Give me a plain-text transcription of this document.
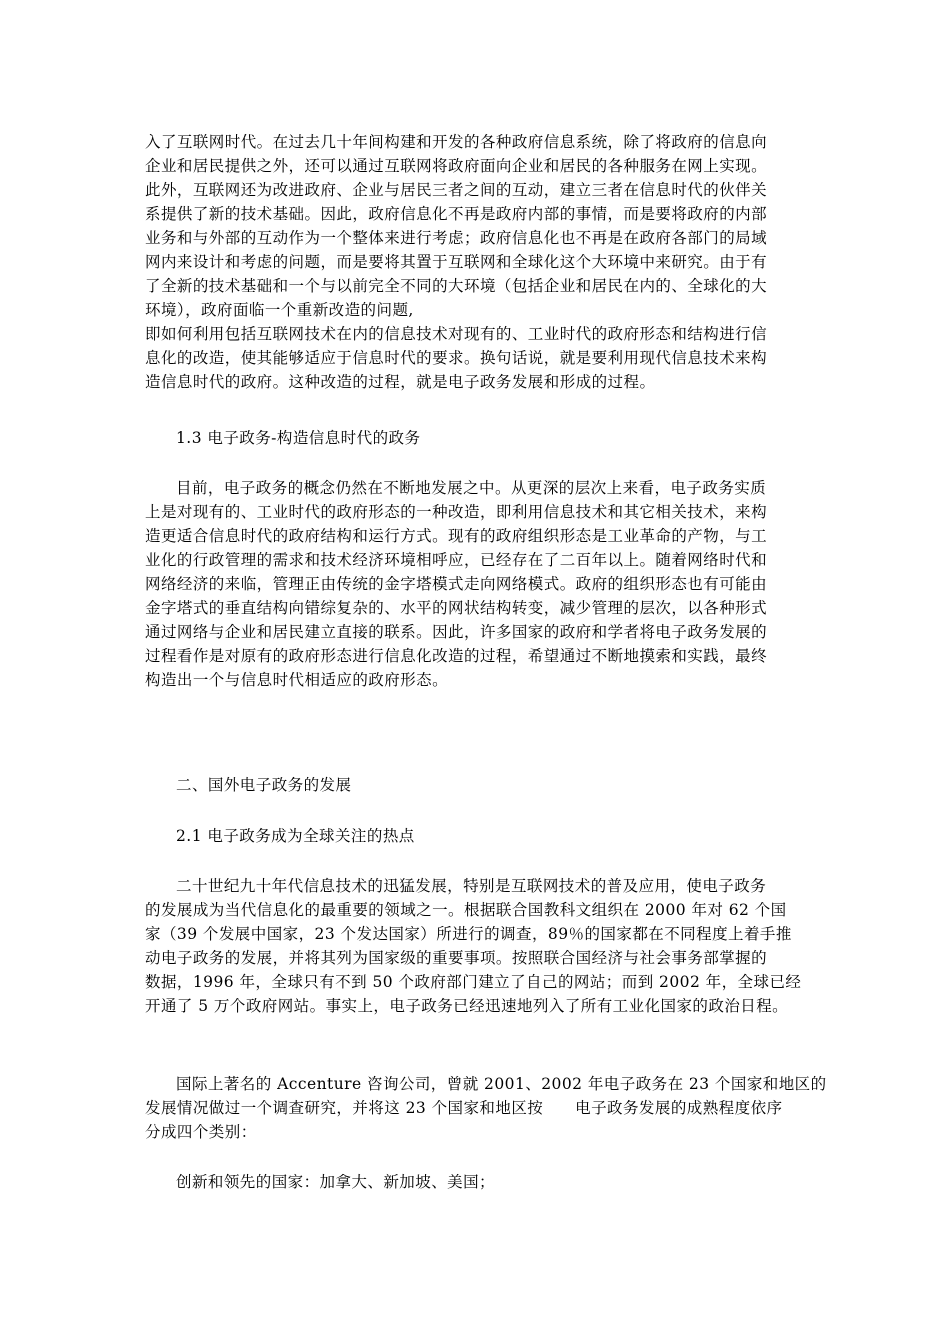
入了互联网时代。在过去几十年间构建和开发的各种政府信息系统，除了将政府的信息向
企业和居民提供之外，还可以通过互联网将政府面向企业和居民的各种服务在网上实现。
此外，互联网还为改进政府、企业与居民三者之间的互动，建立三者在信息时代的伙伴关
系提供了新的技术基础。因此，政府信息化不再是政府内部的事情，而是要将政府的内部
业务和与外部的互动作为一个整体来进行考虑；政府信息化也不再是在政府各部门的局域
网内来设计和考虑的问题，而是要将其置于互联网和全球化这个大环境中来研究。由于有
了全新的技术基础和一个与以前完全不同的大环境（包括企业和居民在内的、全球化的大
环境），政府面临一个重新改造的问题,
即如何利用包括互联网技术在内的信息技术对现有的、工业时代的政府形态和结构进行信
息化的改造，使其能够适应于信息时代的要求。换句话说，就是要利用现代信息技术来构
造信息时代的政府。这种改造的过程，就是电子政务发展和形成的过程。
1.3 电子政务-构造信息时代的政务
目前，电子政务的概念仍然在不断地发展之中。从更深的层次上来看，电子政务实质
上是对现有的、工业时代的政府形态的一种改造，即利用信息技术和其它相关技术，来构
造更适合信息时代的政府结构和运行方式。现有的政府组织形态是工业革命的产物，与工
业化的行政管理的需求和技术经济环境相呼应，已经存在了二百年以上。随着网络时代和
网络经济的来临，管理正由传统的金字塔模式走向网络模式。政府的组织形态也有可能由
金字塔式的垂直结构向错综复杂的、水平的网状结构转变，减少管理的层次，以各种形式
通过网络与企业和居民建立直接的联系。因此，许多国家的政府和学者将电子政务发展的
过程看作是对原有的政府形态进行信息化改造的过程，希望通过不断地摸索和实践，最终
构造出一个与信息时代相适应的政府形态。
二、国外电子政务的发展
2.1 电子政务成为全球关注的热点
二十世纪九十年代信息技术的迅猛发展，特别是互联网技术的普及应用，使电子政务
的发展成为当代信息化的最重要的领域之一。根据联合国教科文组织在 2000 年对 62 个国
家（39 个发展中国家，23 个发达国家）所进行的调查，89％的国家都在不同程度上着手推
动电子政务的发展，并将其列为国家级的重要事项。按照联合国经济与社会事务部掌握的
数据，1996 年，全球只有不到 50 个政府部门建立了自己的网站；而到 2002 年，全球已经
开通了 5 万个政府网站。事实上，电子政务已经迅速地列入了所有工业化国家的政治日程。
国际上著名的 Accenture 咨询公司，曾就 2001、2002 年电子政务在 23 个国家和地区的
发展情况做过一个调查研究，并将这 23 个国家和地区按　　电子政务发展的成熟程度依序
分成四个类别：
创新和领先的国家：加拿大、新加坡、美国；
